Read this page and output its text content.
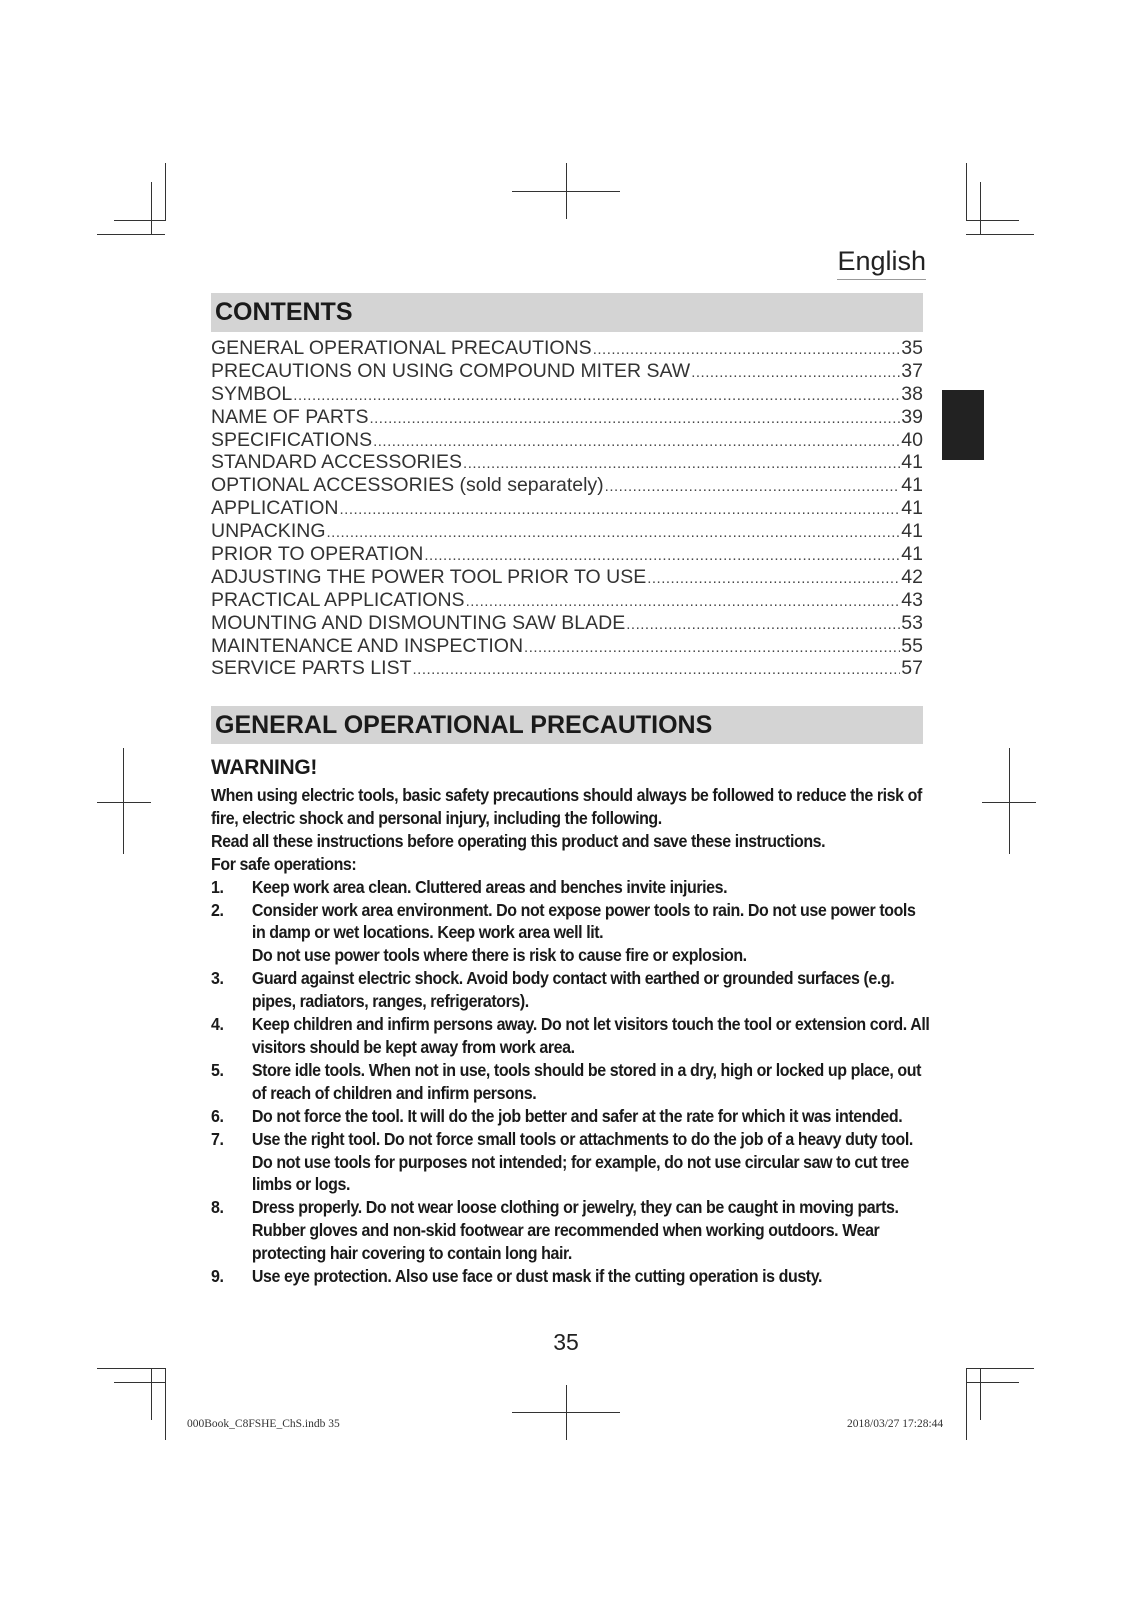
English
CONTENTS
GENERAL OPERATIONAL PRECAUTIONS .....	35
PRECAUTIONS ON USING COMPOUND MITER SAW .....	37
SYMBOL .....	38
NAME OF PARTS .....	39
SPECIFICATIONS .....	40
STANDARD ACCESSORIES .....	41
OPTIONAL ACCESSORIES (sold separately) .....	41
APPLICATION .....	41
UNPACKING .....	41
PRIOR TO OPERATION .....	41
ADJUSTING THE POWER TOOL PRIOR TO USE .....	42
PRACTICAL APPLICATIONS .....	43
MOUNTING AND DISMOUNTING SAW BLADE .....	53
MAINTENANCE AND INSPECTION .....	55
SERVICE PARTS LIST .....	57
GENERAL OPERATIONAL PRECAUTIONS
WARNING!
When using electric tools, basic safety precautions should always be followed to reduce the risk of fire, electric shock and personal injury, including the following.
Read all these instructions before operating this product and save these instructions.
For safe operations:
1.	Keep work area clean. Cluttered areas and benches invite injuries.
2.	Consider work area environment. Do not expose power tools to rain. Do not use power tools in damp or wet locations. Keep work area well lit.
Do not use power tools where there is risk to cause fire or explosion.
3.	Guard against electric shock. Avoid body contact with earthed or grounded surfaces (e.g. pipes, radiators, ranges, refrigerators).
4.	Keep children and infirm persons away. Do not let visitors touch the tool or extension cord. All visitors should be kept away from work area.
5.	Store idle tools. When not in use, tools should be stored in a dry, high or locked up place, out of reach of children and infirm persons.
6.	Do not force the tool. It will do the job better and safer at the rate for which it was intended.
7.	Use the right tool. Do not force small tools or attachments to do the job of a heavy duty tool. Do not use tools for purposes not intended; for example, do not use circular saw to cut tree limbs or logs.
8.	Dress properly. Do not wear loose clothing or jewelry, they can be caught in moving parts. Rubber gloves and non-skid footwear are recommended when working outdoors. Wear protecting hair covering to contain long hair.
9.	Use eye protection. Also use face or dust mask if the cutting operation is dusty.
35
000Book_C8FSHE_ChS.indb 35	2018/03/27 17:28:44
